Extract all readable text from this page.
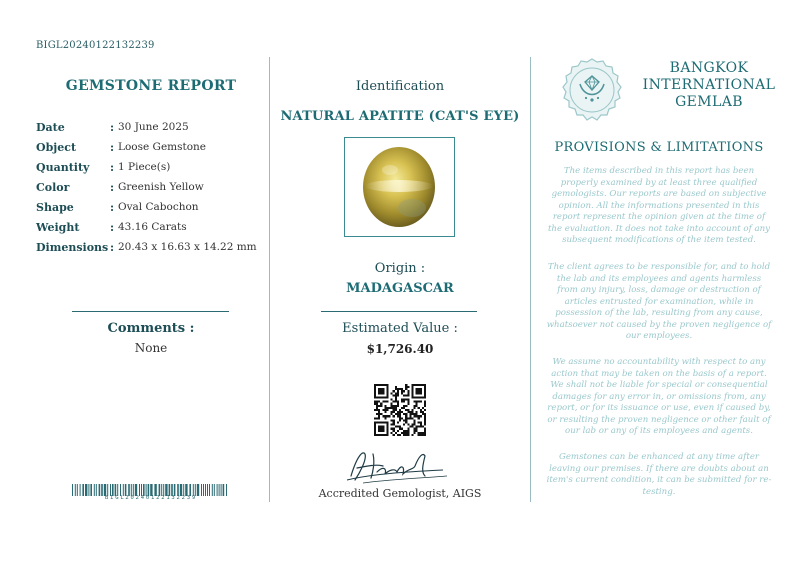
BIGL20240122132239
GEMSTONE REPORT
Date	: 30 June 2025
Object	: Loose Gemstone
Quantity	: 1 Piece(s)
Color	: Greenish Yellow
Shape	: Oval Cabochon
Weight	: 43.16 Carats
Dimensions : 20.43 x 16.63 x 14.22 mm
Comments :
None
BIGL20240122132239
Identification
NATURAL APATITE (CAT'S EYE)
Origin :
MADAGASCAR
Estimated Value :
$1,726.40
Accredited Gemologist, AIGS
BANGKOK
INTERNATIONAL
GEMLAB
PROVISIONS & LIMITATIONS
The items described in this report has been properly examined by at least three qualified gemologists. Our reports are based on subjective opinion. All the informations presented in this report represent the opinion given at the time of the evaluation. It does not take into account of any subsequent modifications of the item tested.
The client agrees to be responsible for, and to hold the lab and its employees and agents harmless from any injury, loss, damage or destruction of articles entrusted for examination, while in possession of the lab, resulting from any cause, whatsoever not caused by the proven negligence of our employees.
We assume no accountability with respect to any action that may be taken on the basis of a report. We shall not be liable for special or consequential damages for any error in, or omissions from, any report, or for its issuance or use, even if caused by, or resulting the proven negligence or other fault of our lab or any of its employees and agents.
Gemstones can be enhanced at any time after leaving our premises. If there are doubts about an item's current condition, it can be submitted for re-testing.
